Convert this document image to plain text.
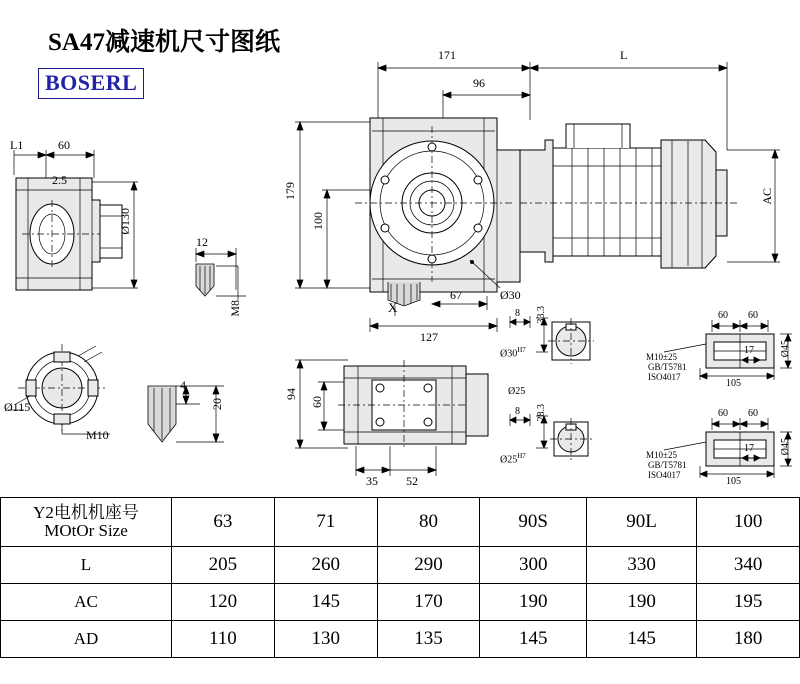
SA47减速机尺寸图纸
BOSERL
171
96
L
179
100
AC
Ø30
67
127
X
L1	60
2.5
Ø130
12
M8
Ø115
M10
4
20
94
60
35 52
8 33.3
$Ø30^{H7}$
Ø25
8 28.3
$Ø25^{H7}$
60 60
17
105
Ø45
M10±25
GB/T5781
ISO4017
60 60
17
105
Ø45
M10±25
GB/T5781
ISO4017
Y2电机机座号
MOtOr Size	63	71	80	90S	90L	100
L	205	260	290	300	330	340
AC	120	145	170	190	190	195
AD	110	130	135	145	145	180
